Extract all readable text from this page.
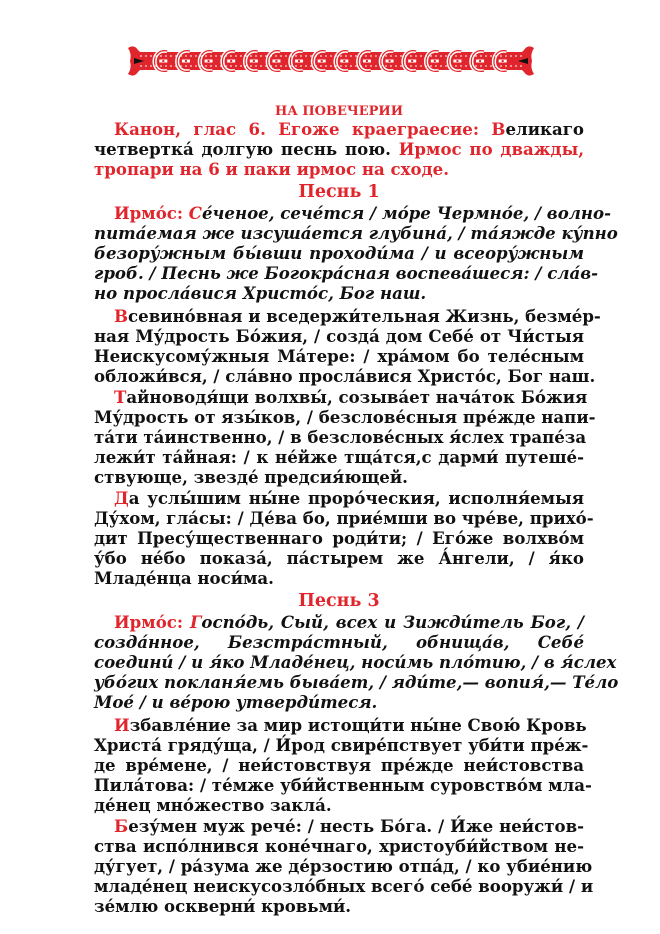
НА ПОВЕЧЕРИИ
Канон, глас 6. Егоже краеграесие: Великаго
четвертка́ долгую песнь пою. Ирмос по дважды,
тропари на 6 и паки ирмос на сходе.
Песнь 1
Ирмо́с: Се́ченое, сече́тся / мо́ре Чермно́е, / волно-
пита́емая же изсуша́ется глубина́, / та́яжде ку́пно
безору́жным бы́вши проходи́ма / и всеору́жным
гроб. / Песнь же Богокра́сная воспева́шеся: / сла́в-
но просла́вися Христо́с, Бог наш.
Всевино́вная и вседержи́тельная Жизнь, безме́р-
ная Му́дрость Бо́жия, / созда́ дом Себе́ от Чи́стыя
Неискусому́жныя Ма́тере: / хра́мом бо теле́сным
обложи́вся, / сла́вно просла́вися Христо́с, Бог наш.
Тайноводя́щи волхвы́, созыва́ет нача́ток Бо́жия
Му́дрость от язы́ков, / безслове́сныя пре́жде напи-
та́ти та́инственно, / в безслове́сных я́слех трапе́за
лежи́т та́йная: / к не́йже тща́тся,с дарми́ путеше́-
ствующе, звезде́ предсия́ющей.
Да услы́шим ны́не проро́ческия, исполня́емыя
Ду́хом, гла́сы: / Де́ва бо, прие́мши во чре́ве, прихо́-
дит Пресу́щественнаго роди́ти; / Его́же волхво́м
у́бо не́бо показа́, па́стырем же А́нгели, / я́ко
Младе́нца носи́ма.
Песнь 3
Ирмо́с: Госпо́дь, Сый, всех и Зижди́тель Бог, /
созда́нное, Безстра́стный, обнища́в, Себе́
соедини́ / и я́ко Младе́нец, носи́мь пло́тию, / в я́слех
убо́гих покланя́емь быва́ет, / яди́те,— вопия́,— Те́ло
Мое́ / и ве́рою утверди́теся.
Избавле́ние за мир истощи́ти ны́не Свою́ Кровь
Христа́ гряду́ща, / И́род свире́пствует уби́ти пре́ж-
де вре́мене, / неи́стовствуя пре́жде неи́стовства
Пила́това: / те́мже уби́йственным суровство́м мла-
де́нец мно́жество закла́.
Безу́мен муж рече́: / несть Бо́га. / И́же неи́стов-
ства испо́лнився коне́чнаго, христоуби́йством не-
ду́гует, / ра́зума же де́рзостию отпа́д, / ко убие́нию
младе́нец неискусозло́бных всего́ себе́ вооружи́ / и
зе́млю оскверни́ кровьми́.
